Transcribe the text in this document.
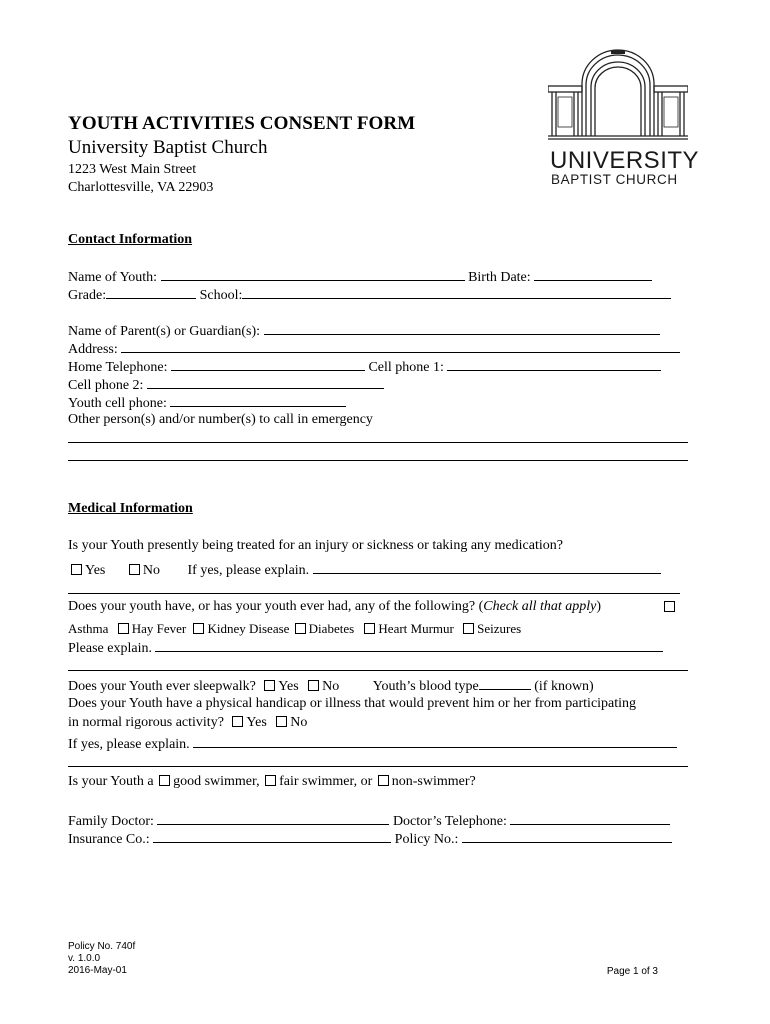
YOUTH ACTIVITIES CONSENT FORM
University Baptist Church
1223 West Main Street
Charlottesville, VA 22903
UNIVERSITY
BAPTIST CHURCH
Contact Information
Name of Youth:	Birth Date:
Grade:	School:
Name of Parent(s) or Guardian(s):
Address:
Home Telephone:	Cell phone 1:
Cell phone 2:
Youth cell phone:
Other person(s) and/or number(s) to call in emergency
Medical Information
Is your Youth presently being treated for an injury or sickness or taking any medication?
Yes	No If yes, please explain.
Does your youth have, or has your youth ever had, any of the following? (Check all that apply)
Asthma Hay Fever Kidney Disease Diabetes Heart Murmur Seizures
Please explain.
Does your Youth ever sleepwalk? Yes No Youth’s blood type	(if known)
Does your Youth have a physical handicap or illness that would prevent him or her from participating
in normal rigorous activity? Yes No
If yes, please explain.
Is your Youth a good swimmer, fair swimmer, or non-swimmer?
Family Doctor:	Doctor’s Telephone:
Insurance Co.:	Policy No.:
Policy No. 740f
v. 1.0.0
2016-May-01	Page 1 of 3
